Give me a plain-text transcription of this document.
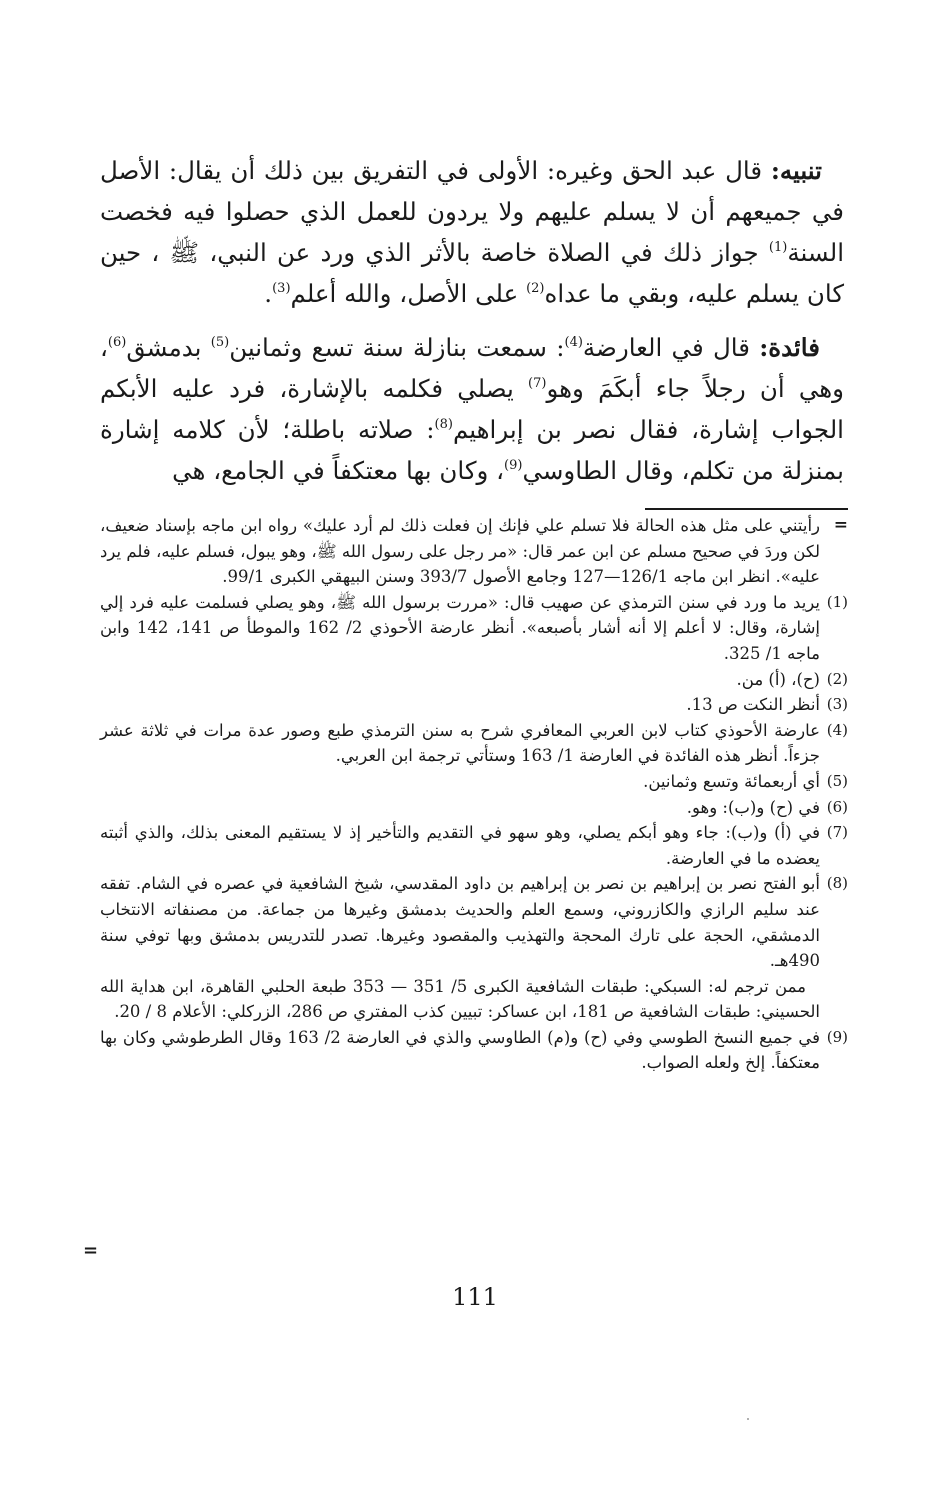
تنبيه: قال عبد الحق وغيره: الأولى في التفريق بين ذلك أن يقال: الأصل في جميعهم أن لا يسلم عليهم ولا يردون للعمل الذي حصلوا فيه فخصت السنة$^{(1)}$ جواز ذلك في الصلاة خاصة بالأثر الذي ورد عن النبي، ﷺ ، حين كان يسلم عليه، وبقي ما عداه$^{(2)}$ على الأصل، والله أعلم$^{(3)}$.

فائدة: قال في العارضة$^{(4)}$: سمعت بنازلة سنة تسع وثمانين$^{(5)}$ بدمشق$^{(6)}$، وهي أن رجلاً جاء أبكَمَ وهو$^{(7)}$ يصلي فكلمه بالإشارة، فرد عليه الأبكم الجواب إشارة، فقال نصر بن إبراهيم$^{(8)}$: صلاته باطلة؛ لأن كلامه إشارة بمنزلة من تكلم، وقال الطاوسي$^{(9)}$، وكان بها معتكفاً في الجامع، هي

=
رأيتني على مثل هذه الحالة فلا تسلم علي فإنك إن فعلت ذلك لم أرد عليك» رواه ابن ماجه بإسناد ضعيف، لكن وردَ في صحيح مسلم عن ابن عمر قال: «مر رجل على رسول الله ﷺ، وهو يبول، فسلم عليه، فلم يرد عليه». انظر ابن ماجه 126/1—127 وجامع الأصول 393/7 وسنن البيهقي الكبرى 99/1.
(1)
يريد ما ورد في سنن الترمذي عن صهيب قال: «مررت برسول الله ﷺ، وهو يصلي فسلمت عليه فرد إلي إشارة، وقال: لا أعلم إلا أنه أشار بأصبعه». أنظر عارضة الأحوذي 2/ 162 والموطأ ص 141، 142 وابن ماجه 1/ 325.
(2)
(ح)، (أ) من.
(3)
أنظر النكت ص 13.
(4)
عارضة الأحوذي كتاب لابن العربي المعافري شرح به سنن الترمذي طبع وصور عدة مرات في ثلاثة عشر جزءاً. أنظر هذه الفائدة في العارضة 1/ 163 وستأتي ترجمة ابن العربي.
(5)
أي أربعمائة وتسع وثمانين.
(6)
في (ح) و(ب): وهو.
(7)
في (أ) و(ب): جاء وهو أبكم يصلي، وهو سهو في التقديم والتأخير إذ لا يستقيم المعنى بذلك، والذي أثبته يعضده ما في العارضة.
(8)
أبو الفتح نصر بن إبراهيم بن نصر بن إبراهيم بن داود المقدسي، شيخ الشافعية في عصره في الشام. تفقه عند سليم الرازي والكازروني، وسمع العلم والحديث بدمشق وغيرها من جماعة. من مصنفاته الانتخاب الدمشقي، الحجة على تارك المحجة والتهذيب والمقصود وغيرها. تصدر للتدريس بدمشق وبها توفي سنة 490هـ.
ممن ترجم له: السبكي: طبقات الشافعية الكبرى 5/ 351 — 353 طبعة الحلبي القاهرة، ابن هداية الله الحسيني: طبقات الشافعية ص 181، ابن عساكر: تبيين كذب المفتري ص 286، الزركلي: الأعلام 8 / 20.
(9)
في جميع النسخ الطوسي وفي (ح) و(م) الطاوسي والذي في العارضة 2/ 163 وقال الطرطوشي وكان بها معتكفاً. إلخ ولعله الصواب.
=
111
